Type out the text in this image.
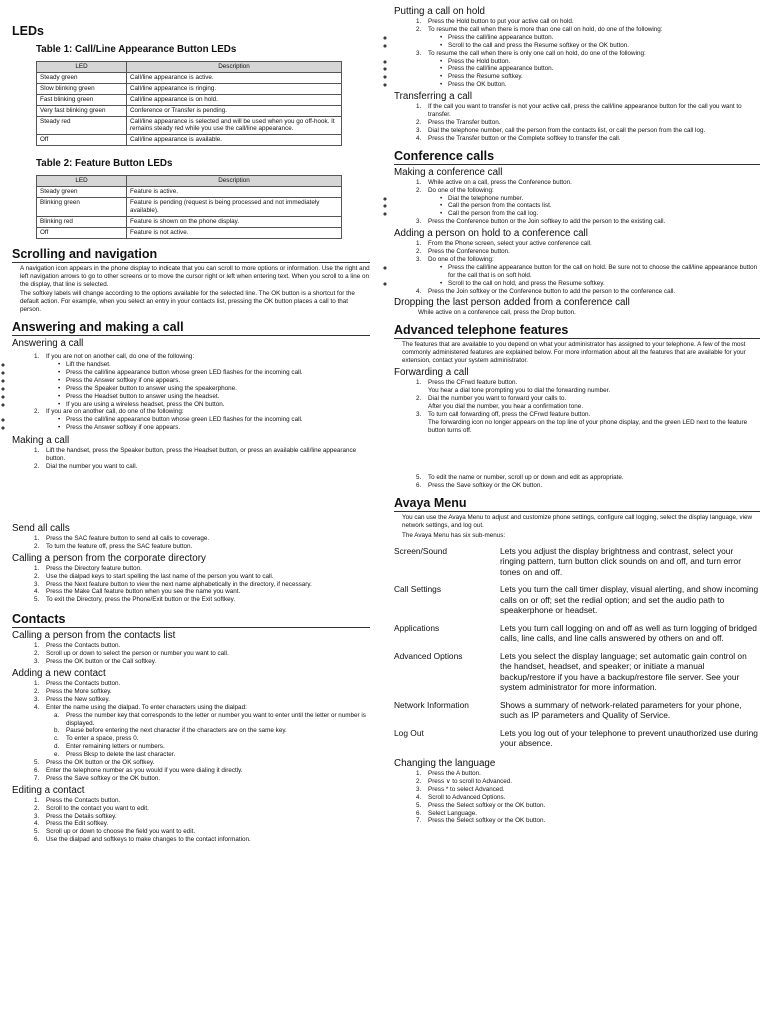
LEDs
Table 1: Call/Line Appearance Button LEDs
LED	Description
Steady green	Call/line appearance is active.
Slow blinking green	Call/line appearance is ringing.
Fast blinking green	Call/line appearance is on hold.
Very fast blinking green	Conference or Transfer is pending.
Steady red	Call/line appearance is selected and will be used when you go off-hook. It remains steady red while you use the call/line appearance.
Off	Call/line appearance is available.
Table 2: Feature Button LEDs
LED	Description
Steady green	Feature is active.
Blinking green	Feature is pending (request is being processed and not immediately available).
Blinking red	Feature is shown on the phone display.
Off	Feature is not active.
Scrolling and navigation

A navigation icon appears in the phone display to indicate that you can scroll to more options or information. Use the right and left navigation arrows to go to other screens or to move the cursor right or left when entering text. When you scroll to a line on the display, that line is selected.

The softkey labels will change according to the options available for the selected line. The OK button is a shortcut for the default action. For example, when you select an entry in your contacts list, pressing the OK button places a call to that person.

Answering and making a call
Answering a call
1. If you are not on another call, do one of the following:
• ◦ Lift the handset.
• ◦ Press the call/line appearance button whose green LED flashes for the incoming call.
• ◦ Press the Answer softkey if one appears.
• ◦ Press the Speaker button to answer using the speakerphone.
• ◦ Press the Headset button to answer using the headset.
• ◦ If you are using a wireless headset, press the ON button.
2. If you are on another call, do one of the following:
• ◦ Press the call/line appearance button whose green LED flashes for the incoming call.
• ◦ Press the Answer softkey if one appears.
Making a call
1. Lift the handset, press the Speaker button, press the Headset button, or press an available call/line appearance button.
2. Dial the number you want to call.
Send all calls
1. Press the SAC feature button to send all calls to coverage.
2. To turn the feature off, press the SAC feature button.
Calling a person from the corporate directory
1. Press the Directory feature button.
2. Use the dialpad keys to start spelling the last name of the person you want to call.
3. Press the Next feature button to view the next name alphabetically in the directory, if necessary.
4. Press the Make Call feature button when you see the name you want.
5. To exit the Directory, press the Phone/Exit button or the Exit softkey.
Contacts
Calling a person from the contacts list
1. Press the Contacts button.
2. Scroll up or down to select the person or number you want to call.
3. Press the OK button or the Call softkey.
Adding a new contact
1. Press the Contacts button.
2. Press the More softkey.
3. Press the New softkey.
4. Enter the name using the dialpad. To enter characters using the dialpad:
a. Press the number key that corresponds to the letter or number you want to enter until the letter or number is displayed.
b. Pause before entering the next character if the characters are on the same key.
c. To enter a space, press 0.
d. Enter remaining letters or numbers.
e. Press Bksp to delete the last character.
5. Press the OK button or the OK softkey.
6. Enter the telephone number as you would if you were dialing it directly.
7. Press the Save softkey or the OK button.
Editing a contact
1. Press the Contacts button.
2. Scroll to the contact you want to edit.
3. Press the Details softkey.
4. Press the Edit softkey.
5. Scroll up or down to choose the field you want to edit.
6. Use the dialpad and softkeys to make changes to the contact information.
Putting a call on hold
1. Press the Hold button to put your active call on hold.
2. To resume the call when there is more than one call on hold, do one of the following:
• ◦ Press the call/line appearance button.
• ◦ Scroll to the call and press the Resume softkey or the OK button.
3. To resume the call when there is only one call on hold, do one of the following:
• ◦ Press the Hold button.
• ◦ Press the call/line appearance button.
• ◦ Press the Resume softkey.
• ◦ Press the OK button.
Transferring a call
1. If the call you want to transfer is not your active call, press the call/line appearance button for the call you want to transfer.
2. Press the Transfer button.
3. Dial the telephone number, call the person from the contacts list, or call the person from the call log.
4. Press the Transfer button or the Complete softkey to transfer the call.
Conference calls
Making a conference call
1. While active on a call, press the Conference button.
2. Do one of the following:
• ◦ Dial the telephone number.
• ◦ Call the person from the contacts list.
• ◦ Call the person from the call log.
3. Press the Conference button or the Join softkey to add the person to the existing call.
Adding a person on hold to a conference call
1. From the Phone screen, select your active conference call.
2. Press the Conference button.
3. Do one of the following:
• ◦ Press the call/line appearance button for the call on hold. Be sure not to choose the call/line appearance button for the call that is on soft hold.
• ◦ Scroll to the call on hold, and press the Resume softkey.
4. Press the Join softkey or the Conference button to add the person to the conference call.
Dropping the last person added from a conference call

While active on a conference call, press the Drop button.

Advanced telephone features

The features that are available to you depend on what your administrator has assigned to your telephone. A few of the most commonly administered features are explained below. For more information about all the features that are available for your extension, contact your system administrator.

Forwarding a call
1. Press the CFrwd feature button.
You hear a dial tone prompting you to dial the forwarding number.
2. Dial the number you want to forward your calls to.
After you dial the number, you hear a confirmation tone.
3. To turn call forwarding off, press the CFrwd feature button.
The forwarding icon no longer appears on the top line of your phone display, and the green LED next to the feature button turns off.
5. To edit the name or number, scroll up or down and edit as appropriate.
6. Press the Save softkey or the OK button.
Avaya Menu

You can use the Avaya Menu to adjust and customize phone settings, configure call logging, select the display language, view network settings, and log out.

The Avaya Menu has six sub-menus:

Screen/Sound	Lets you adjust the display brightness and contrast, select your ringing pattern, turn button click sounds on and off, and turn error tones on and off.
Call Settings	Lets you turn the call timer display, visual alerting, and show incoming calls on or off; set the redial option; and set the audio path to speakerphone or headset.
Applications	Lets you turn call logging on and off as well as turn logging of bridged calls, line calls, and line calls answered by others on and off.
Advanced Options	Lets you select the display language; set automatic gain control on the handset, headset, and speaker; or initiate a manual backup/restore if you have a backup/restore file server. See your system administrator for more information.
Network Information	Shows a summary of network-related parameters for your phone, such as IP parameters and Quality of Service.
Log Out	Lets you log out of your telephone to prevent unauthorized use during your absence.
Changing the language
1. Press the A button.
2. Press ∨ to scroll to Advanced.
3. Press * to select Advanced.
4. Scroll to Advanced Options.
5. Press the Select softkey or the OK button.
6. Select Language.
7. Press the Select softkey or the OK button.
